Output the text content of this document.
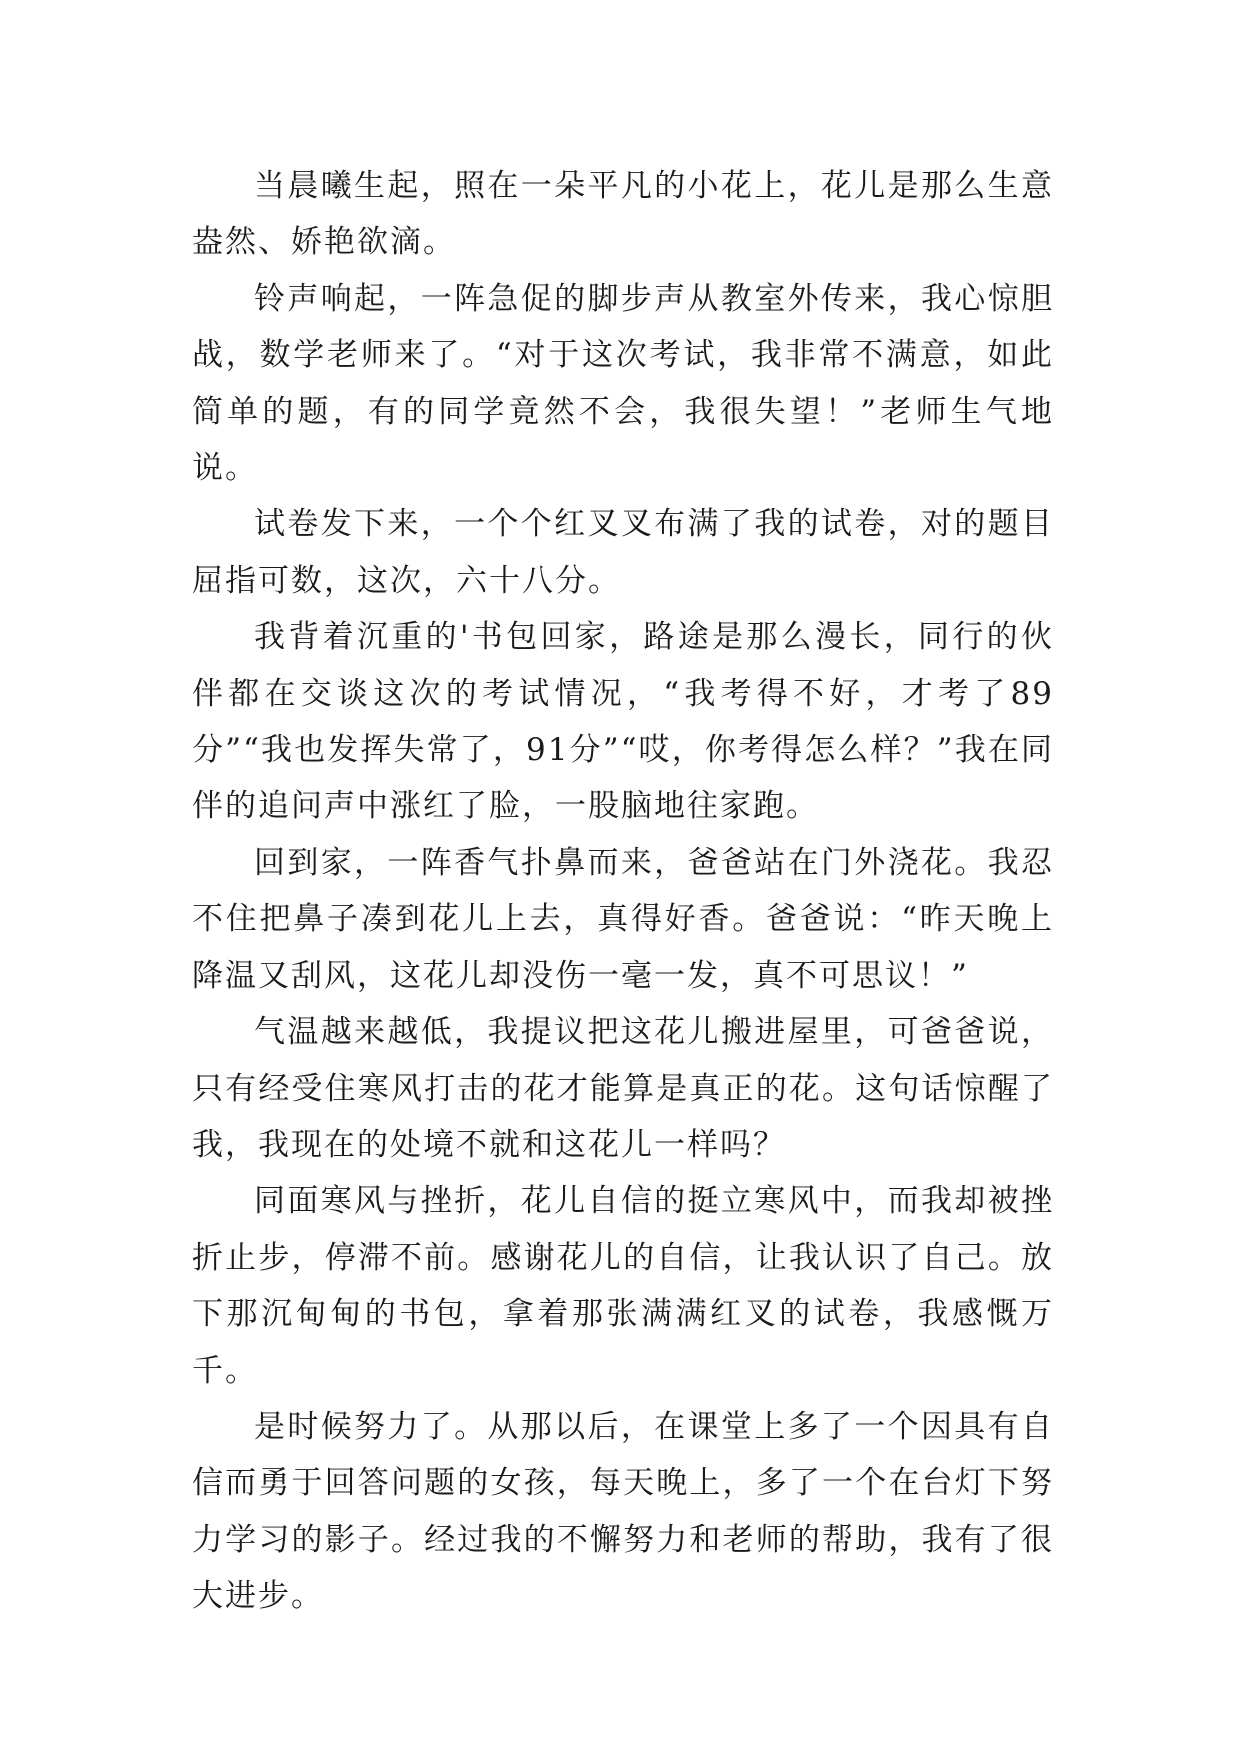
当晨曦生起，照在一朵平凡的小花上，花儿是那么生意盎然、娇艳欲滴。

铃声响起，一阵急促的脚步声从教室外传来，我心惊胆战，数学老师来了。“对于这次考试，我非常不满意，如此简单的题，有的同学竟然不会，我很失望！”老师生气地说。

试卷发下来，一个个红叉叉布满了我的试卷，对的题目屈指可数，这次，六十八分。

我背着沉重的'书包回家，路途是那么漫长，同行的伙伴都在交谈这次的考试情况，“我考得不好，才考了89分”“我也发挥失常了，91分”“哎，你考得怎么样？”我在同伴的追问声中涨红了脸，一股脑地往家跑。

回到家，一阵香气扑鼻而来，爸爸站在门外浇花。我忍不住把鼻子凑到花儿上去，真得好香。爸爸说：“昨天晚上降温又刮风，这花儿却没伤一毫一发，真不可思议！”

气温越来越低，我提议把这花儿搬进屋里，可爸爸说，只有经受住寒风打击的花才能算是真正的花。这句话惊醒了我，我现在的处境不就和这花儿一样吗？

同面寒风与挫折，花儿自信的挺立寒风中，而我却被挫折止步，停滞不前。感谢花儿的自信，让我认识了自己。放下那沉甸甸的书包，拿着那张满满红叉的试卷，我感慨万千。

是时候努力了。从那以后，在课堂上多了一个因具有自信而勇于回答问题的女孩，每天晚上，多了一个在台灯下努力学习的影子。经过我的不懈努力和老师的帮助，我有了很大进步。
